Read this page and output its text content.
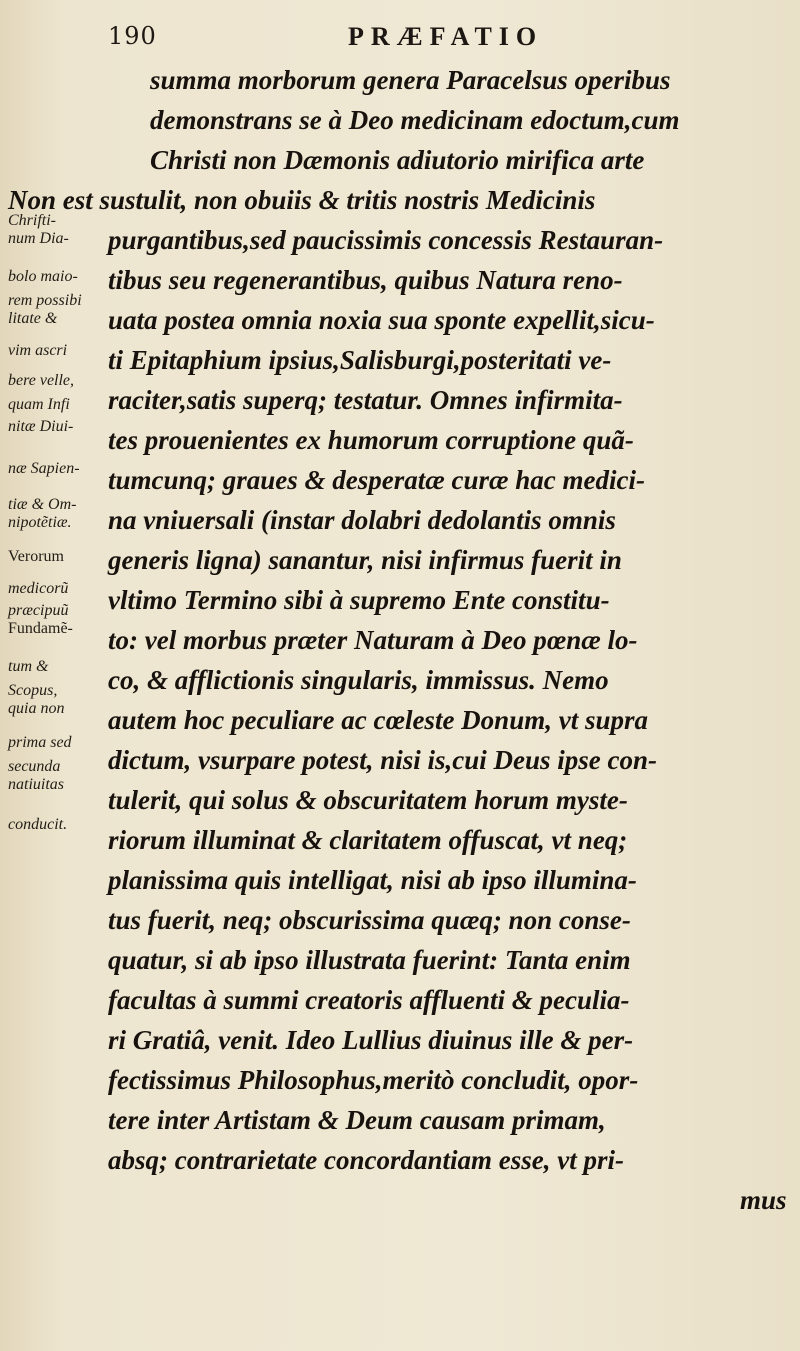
190	PRÆFATIO
summa morborum genera Paracelsus operibus
demonstrans se à Deo medicinam edoctum,cum
Christi non Dæmonis adiutorio mirifica arte
Non est sustulit, non obuiis & tritis nostris Medicinis
purgantibus,sed paucissimis concessis Restauran-
tibus seu regenerantibus, quibus Natura reno-
uata postea omnia noxia sua sponte expellit,sicu-
ti Epitaphium ipsius,Salisburgi,posteritati ve-
raciter,satis superq; testatur. Omnes infirmita-
tes prouenientes ex humorum corruptione quã-
tumcunq; graues & desperatæ curæ hac medici-
na vniuersali (instar dolabri dedolantis omnis
generis ligna) sanantur, nisi infirmus fuerit in
vltimo Termino sibi à supremo Ente constitu-
to: vel morbus præter Naturam à Deo pœnæ lo-
co, & afflictionis singularis, immissus. Nemo
autem hoc peculiare ac cœleste Donum, vt supra
dictum, vsurpare potest, nisi is,cui Deus ipse con-
tulerit, qui solus & obscuritatem horum myste-
riorum illuminat & claritatem offuscat, vt neq;
planissima quis intelligat, nisi ab ipso illumina-
tus fuerit, neq; obscurissima quæq; non conse-
quatur, si ab ipso illustrata fuerint: Tanta enim
facultas à summi creatoris affluenti & peculia-
ri Gratiâ, venit. Ideo Lullius diuinus ille & per-
fectissimus Philosophus,meritò concludit, opor-
tere inter Artistam & Deum causam primam,
absq; contrarietate concordantiam esse, vt pri-
mus
Chrifti-
num Dia-
bolo maio-
rem possibi
litate &
vim ascri
bere velle,
quam Infi
nitæ Diui-
næ Sapien-
tiæ & Om-
nipotẽtiæ.
Verorum
medicorũ
præcipuũ
Fundamẽ-
tum &
Scopus,
quia non
prima sed
secunda
natiuitas
conducit.
